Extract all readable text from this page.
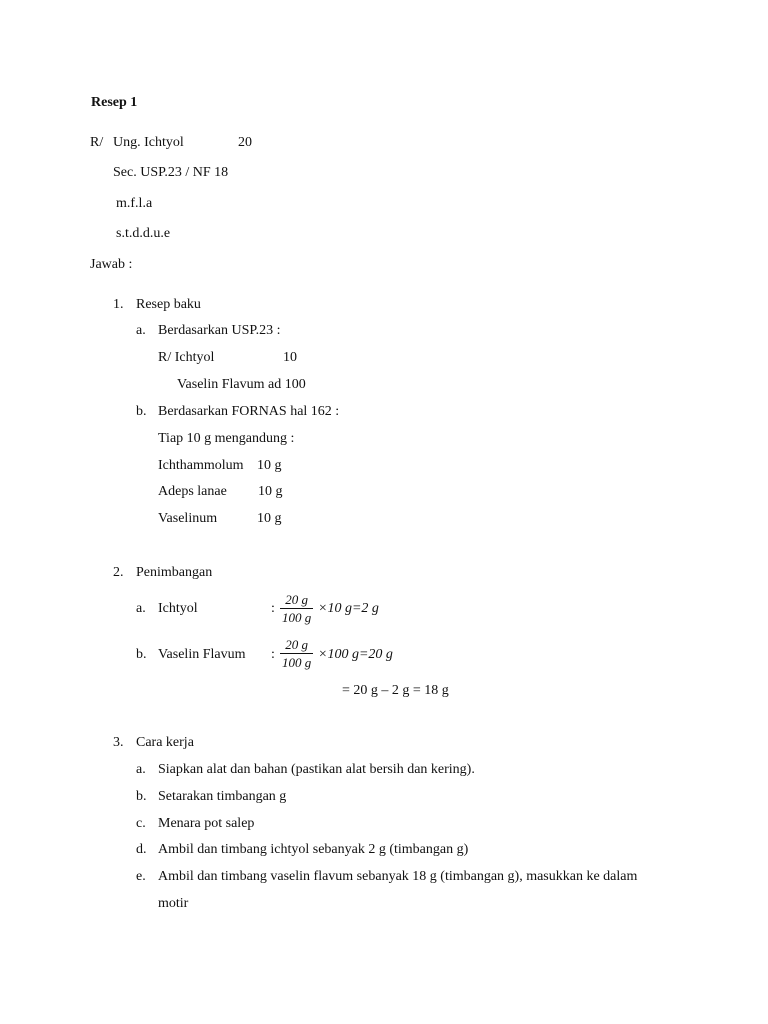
Resep 1
R/ Ung. Ichtyol	20
Sec. USP.23 / NF 18
m.f.l.a
s.t.d.d.u.e
Jawab :
1. Resep baku
a. Berdasarkan USP.23 :
R/ Ichtyol	10
Vaselin Flavum ad 100
b. Berdasarkan FORNAS hal 162 :
Tiap 10 g mengandung :
Ichthammolum 10 g
Adeps lanae 10 g
Vaselinum	10 g
2. Penimbangan
a. Ichtyol	:
20 g
100 g
×10 g=2 g
b. Vaselin Flavum :
20 g
100 g
×100 g=20 g
= 20 g – 2 g = 18 g
3. Cara kerja
a. Siapkan alat dan bahan (pastikan alat bersih dan kering).
b. Setarakan timbangan g
c. Menara pot salep
d. Ambil dan timbang ichtyol sebanyak 2 g (timbangan g)
e. Ambil dan timbang vaselin flavum sebanyak 18 g (timbangan g), masukkan ke dalam
motir
